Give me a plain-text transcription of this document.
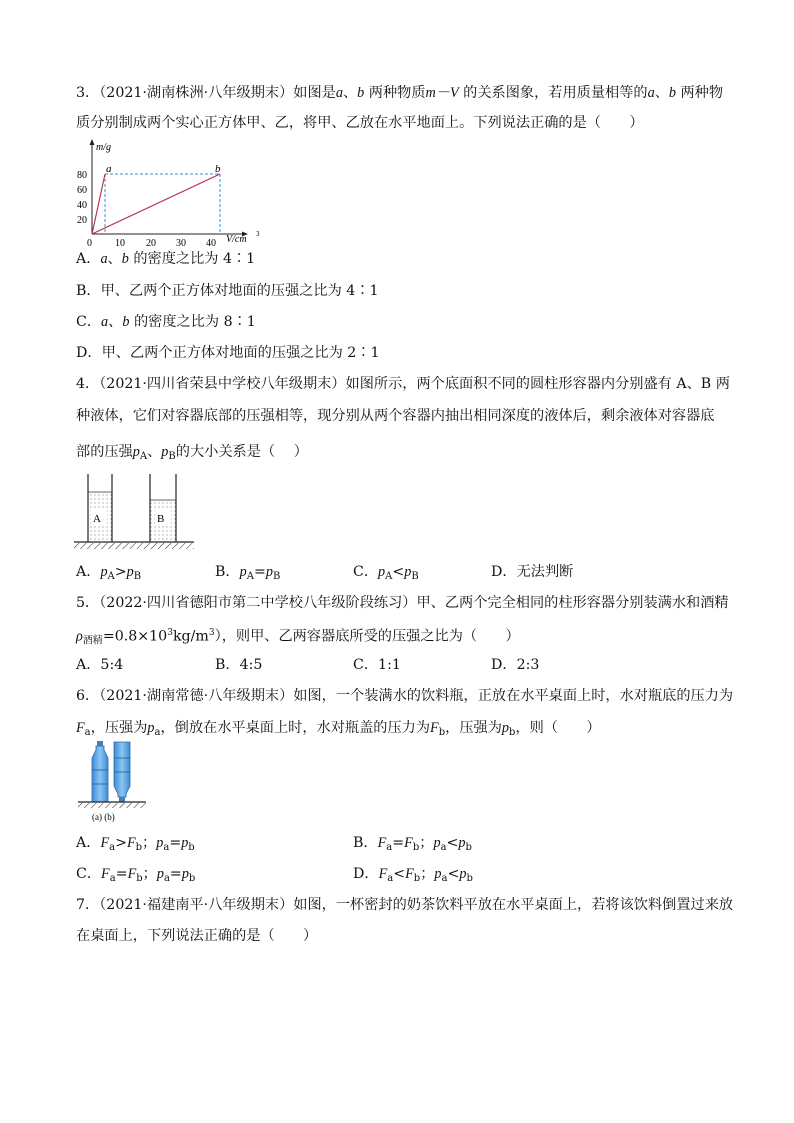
3．（2021·湖南株洲·八年级期末）如图是a、b 两种物质m－V 的关系图象，若用质量相等的a、b 两种物
质分别制成两个实心正方体甲、乙，将甲、乙放在水平地面上。下列说法正确的是（　　）
m/g
a	b
80
60
40
20
0 10 20 30 40 V/cm 3
A．a、b 的密度之比为 4∶1
B．甲、乙两个正方体对地面的压强之比为 4∶1
C．a、b 的密度之比为 8∶1
D．甲、乙两个正方体对地面的压强之比为 2∶1
4．（2021·四川省荣县中学校八年级期末）如图所示，两个底面积不同的圆柱形容器内分别盛有 A、B 两
种液体，它们对容器底部的压强相等，现分别从两个容器内抽出相同深度的液体后，剩余液体对容器底
部的压强$p_A$、$p_B$的大小关系是（　 ）
A	B
A．$p_A>p_B$	B．$p_A=p_B$	C．$p_A<p_B$	D．无法判断
5．（2022·四川省德阳市第二中学校八年级阶段练习）甲、乙两个完全相同的柱形容器分别装满水和酒精
$\rho_{酒精}=0.8\times 10^3kg/m^3$），则甲、乙两容器底所受的压强之比为（　　）
A．5:4	B．4:5	C．1:1	D．2:3
6．（2021·湖南常德·八年级期末）如图，一个装满水的饮料瓶，正放在水平桌面上时，水对瓶底的压力为
$F_a$，压强为$p_a$，倒放在水平桌面上时，水对瓶盖的压力为$F_b$，压强为$p_b$，则（　　）
(a) (b)
A．$F_a>F_b$；$p_a=p_b$	B．$F_a=F_b$；$p_a<p_b$
C．$F_a=F_b$；$p_a=p_b$	D．$F_a<F_b$；$p_a<p_b$
7．（2021·福建南平·八年级期末）如图，一杯密封的奶茶饮料平放在水平桌面上，若将该饮料倒置过来放
在桌面上，下列说法正确的是（　　）
